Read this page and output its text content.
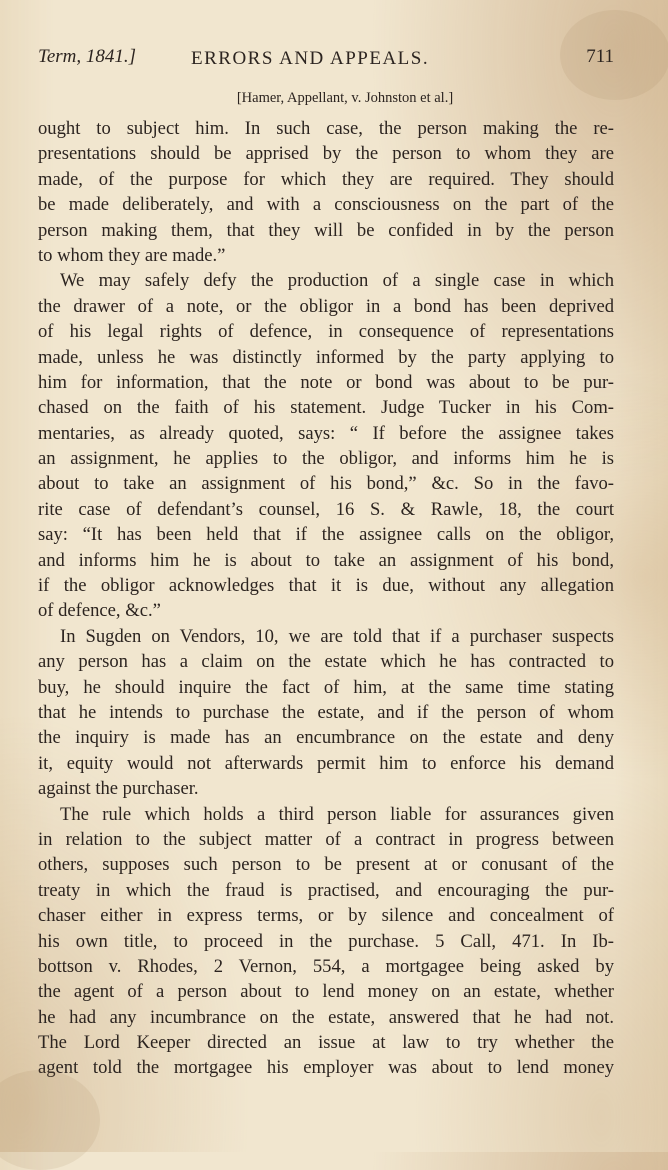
Term, 1841.]	ERRORS AND APPEALS.	711
[Hamer, Appellant, v. Johnston et al.]
ought to subject him. In such case, the person making the re-
presentations should be apprised by the person to whom they are
made, of the purpose for which they are required. They should
be made deliberately, and with a consciousness on the part of the
person making them, that they will be confided in by the person
to whom they are made.”
We may safely defy the production of a single case in which
the drawer of a note, or the obligor in a bond has been deprived
of his legal rights of defence, in consequence of representations
made, unless he was distinctly informed by the party applying to
him for information, that the note or bond was about to be pur-
chased on the faith of his statement. Judge Tucker in his Com-
mentaries, as already quoted, says: “ If before the assignee takes
an assignment, he applies to the obligor, and informs him he is
about to take an assignment of his bond,” &c. So in the favo-
rite case of defendant’s counsel, 16 S. & Rawle, 18, the court
say: “It has been held that if the assignee calls on the obligor,
and informs him he is about to take an assignment of his bond,
if the obligor acknowledges that it is due, without any allegation
of defence, &c.”
In Sugden on Vendors, 10, we are told that if a purchaser suspects
any person has a claim on the estate which he has contracted to
buy, he should inquire the fact of him, at the same time stating
that he intends to purchase the estate, and if the person of whom
the inquiry is made has an encumbrance on the estate and deny
it, equity would not afterwards permit him to enforce his demand
against the purchaser.
The rule which holds a third person liable for assurances given
in relation to the subject matter of a contract in progress between
others, supposes such person to be present at or conusant of the
treaty in which the fraud is practised, and encouraging the pur-
chaser either in express terms, or by silence and concealment of
his own title, to proceed in the purchase. 5 Call, 471. In Ib-
bottson v. Rhodes, 2 Vernon, 554, a mortgagee being asked by
the agent of a person about to lend money on an estate, whether
he had any incumbrance on the estate, answered that he had not.
The Lord Keeper directed an issue at law to try whether the
agent told the mortgagee his employer was about to lend money
